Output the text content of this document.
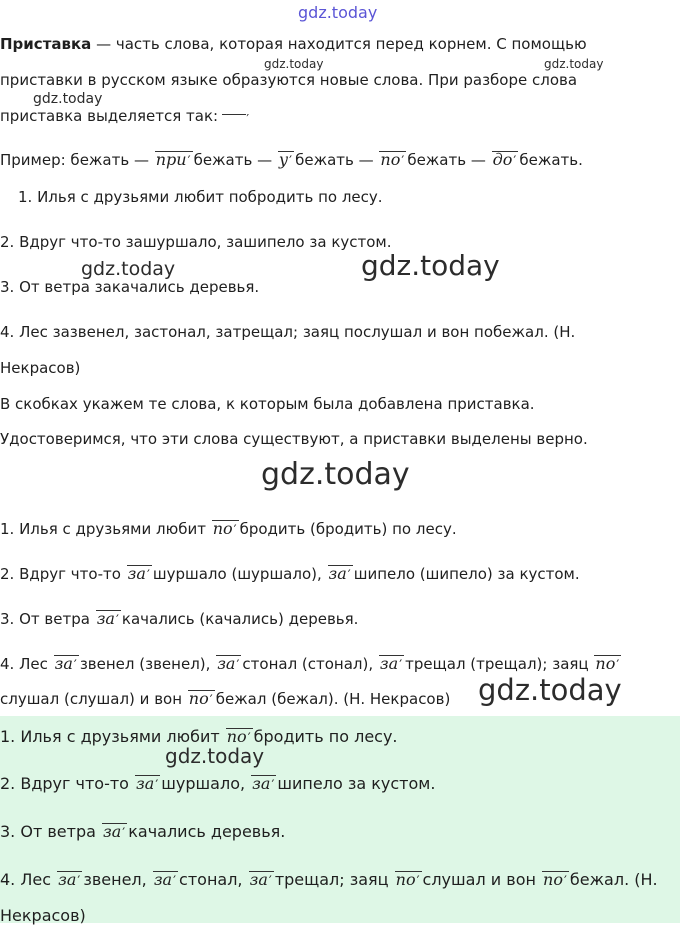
gdz.today
Приставка — часть слова, которая находится перед корнем. С помощью
gdz.today	gdz.today
приставки в русском языке образуются новые слова. При разборе слова
gdz.today
приставка выделяется так:′
Пример: бежать — при ′ бежать — у ′ бежать — по ′ бежать — до ′ бежать.
1. Илья с друзьями любит побродить по лесу.
2. Вдруг что-то зашуршало, зашипело за кустом.
gdz.today	gdz.today
3. От ветра закачались деревья.
4. Лес зазвенел, застонал, затрещал; заяц послушал и вон побежал. (Н.
Некрасов)
В скобках укажем те слова, к которым была добавлена приставка.
Удостоверимся, что эти слова существуют, а приставки выделены верно.
gdz.today
1. Илья с друзьями любит по ′ бродить (бродить) по лесу.
2. Вдруг что-то за ′ шуршало (шуршало), за ′ шипело (шипело) за кустом.
3. От ветра за ′ качались (качались) деревья.
4. Лес за ′ звенел (звенел), за ′ стонал (стонал), за ′ трещал (трещал); заяц по ′
слушал (слушал) и вон по ′ бежал (бежал). (Н. Некрасов) gdz.today
1. Илья с друзьями любит по ′ бродить по лесу.
gdz.today
2. Вдруг что-то за ′ шуршало, за ′ шипело за кустом.
3. От ветра за ′ качались деревья.
4. Лес за ′ звенел, за ′ стонал, за ′ трещал; заяц по ′ слушал и вон по ′ бежал. (Н.
Некрасов)
